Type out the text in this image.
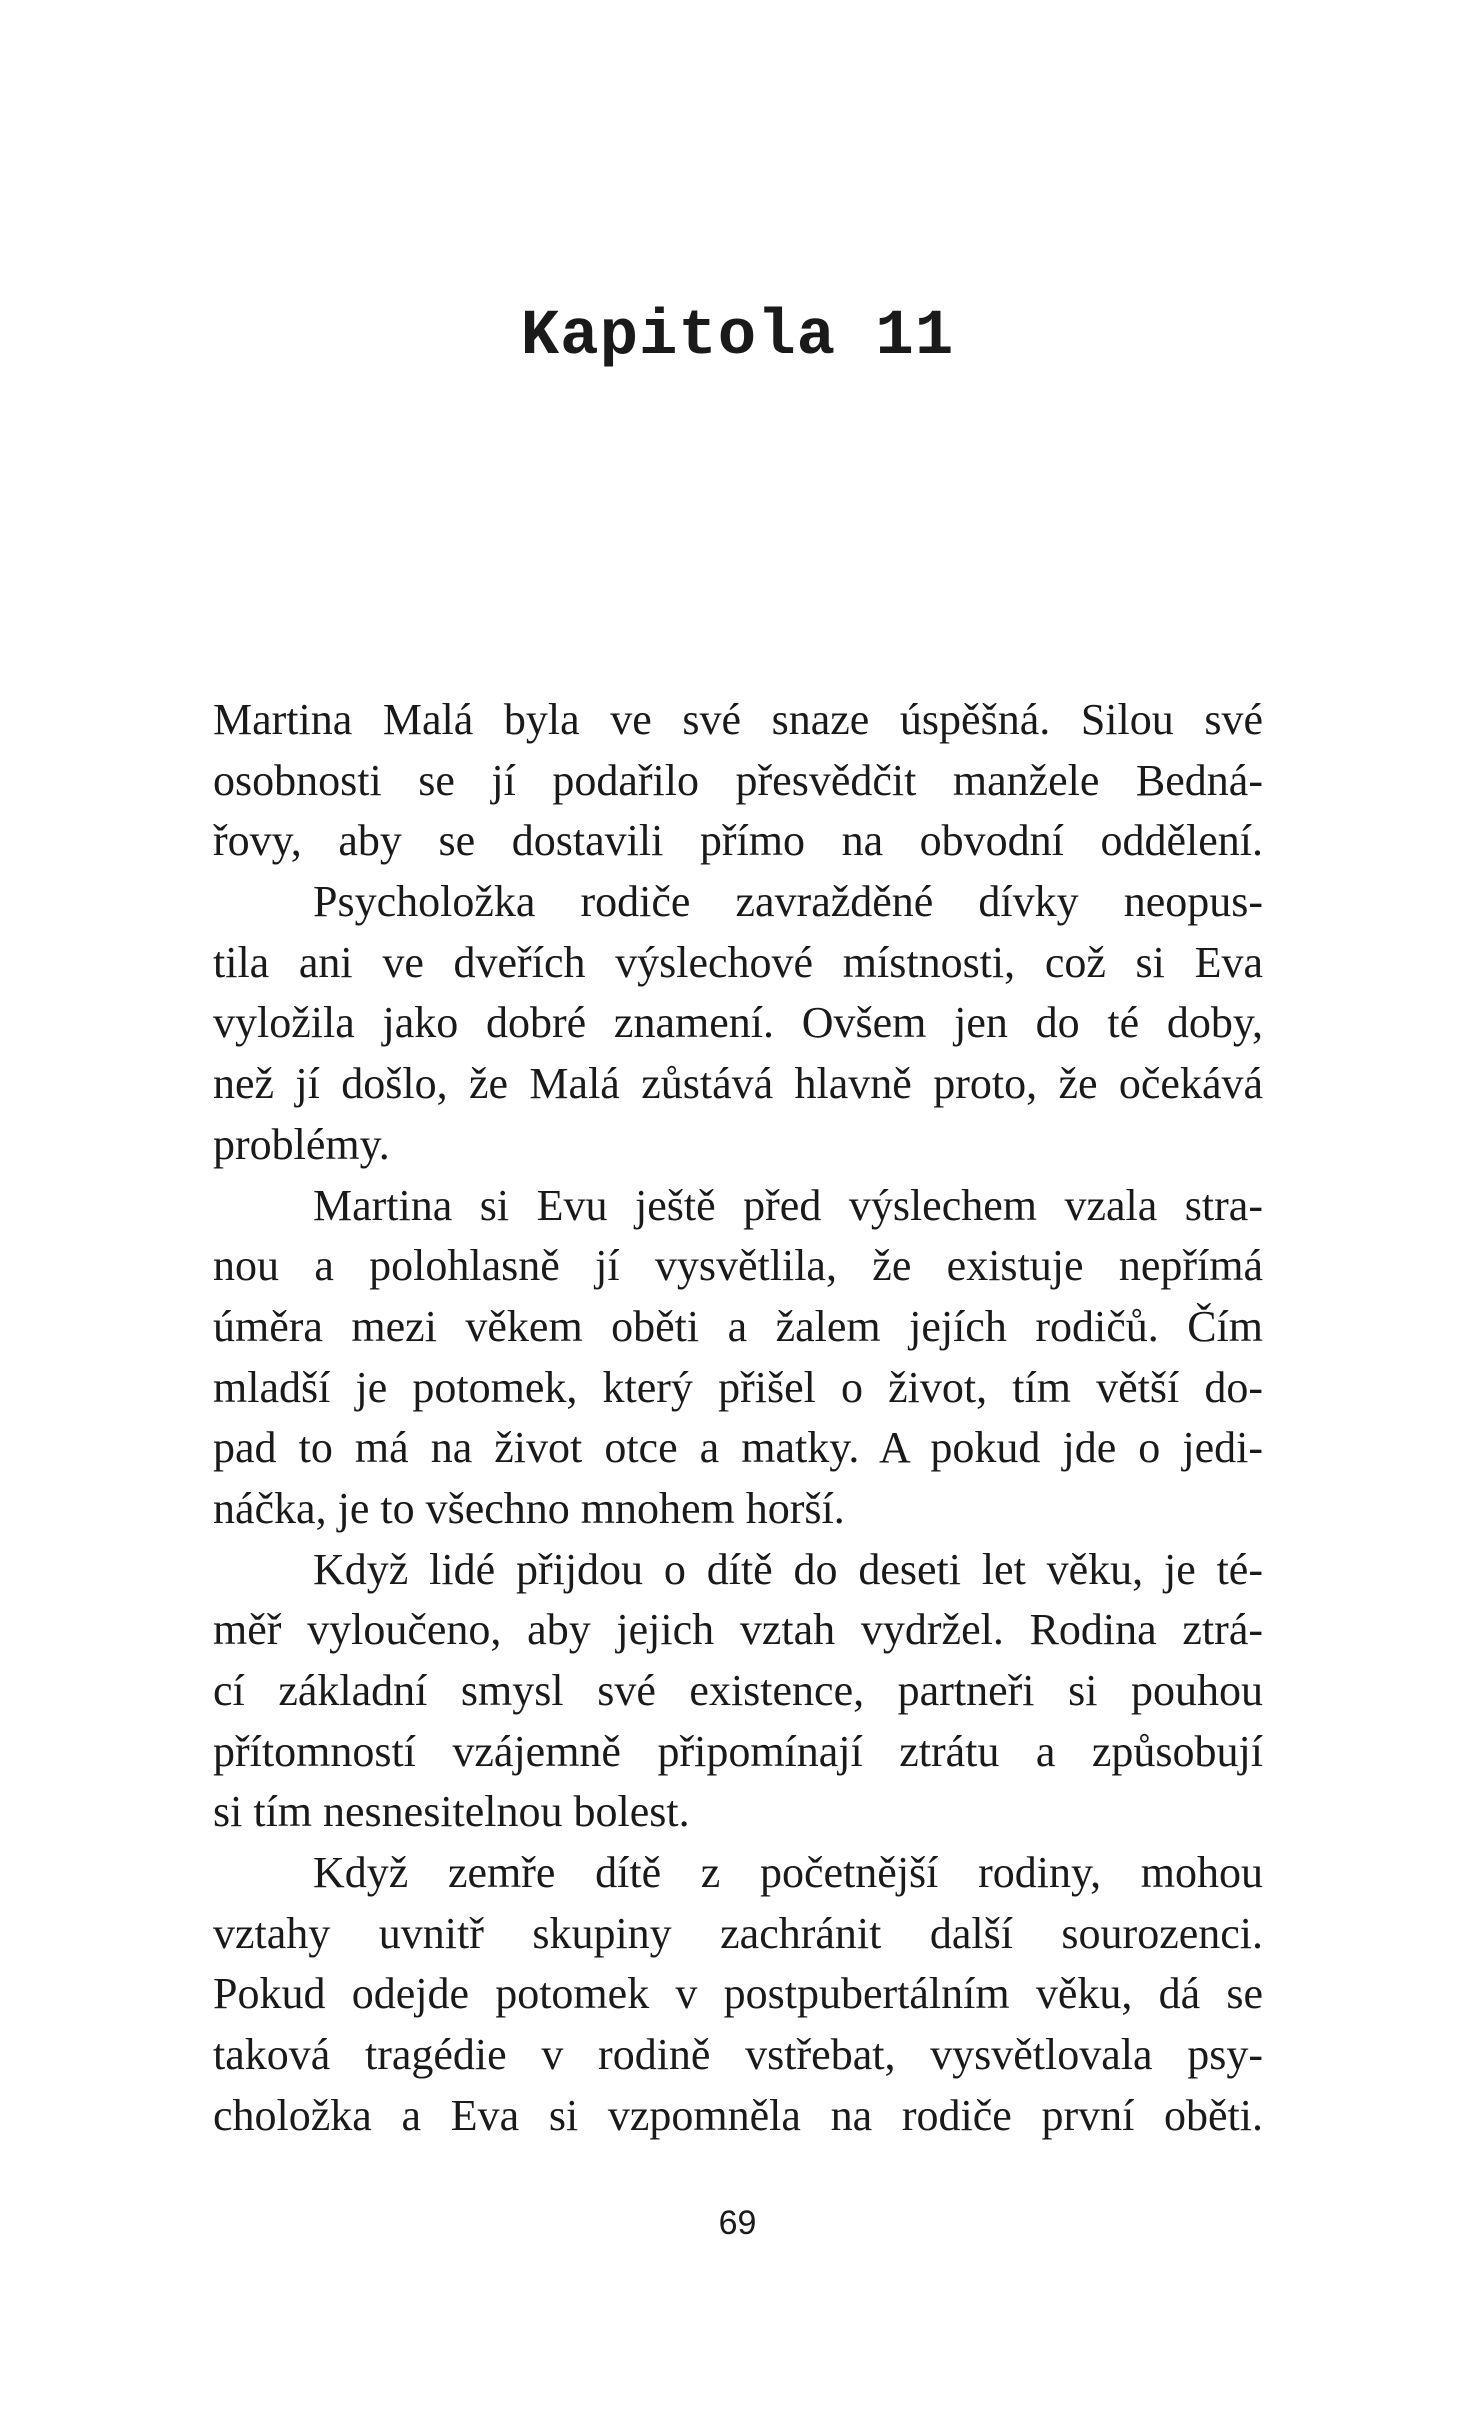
Kapitola 11
Martina Malá byla ve své snaze úspěšná. Silou své
osobnosti se jí podařilo přesvědčit manžele Bedná-
řovy, aby se dostavili přímo na obvodní oddělení.
Psycholožka rodiče zavražděné dívky neopus-
tila ani ve dveřích výslechové místnosti, což si Eva
vyložila jako dobré znamení. Ovšem jen do té doby,
než jí došlo, že Malá zůstává hlavně proto, že očekává
problémy.
Martina si Evu ještě před výslechem vzala stra-
nou a polohlasně jí vysvětlila, že existuje nepřímá
úměra mezi věkem oběti a žalem jejích rodičů. Čím
mladší je potomek, který přišel o život, tím větší do-
pad to má na život otce a matky. A pokud jde o jedi-
náčka, je to všechno mnohem horší.
Když lidé přijdou o dítě do deseti let věku, je té-
měř vyloučeno, aby jejich vztah vydržel. Rodina ztrá-
cí základní smysl své existence, partneři si pouhou
přítomností vzájemně připomínají ztrátu a způsobují
si tím nesnesitelnou bolest.
Když zemře dítě z početnější rodiny, mohou
vztahy uvnitř skupiny zachránit další sourozenci.
Pokud odejde potomek v postpubertálním věku, dá se
taková tragédie v rodině vstřebat, vysvětlovala psy-
choložka a Eva si vzpomněla na rodiče první oběti.
69
